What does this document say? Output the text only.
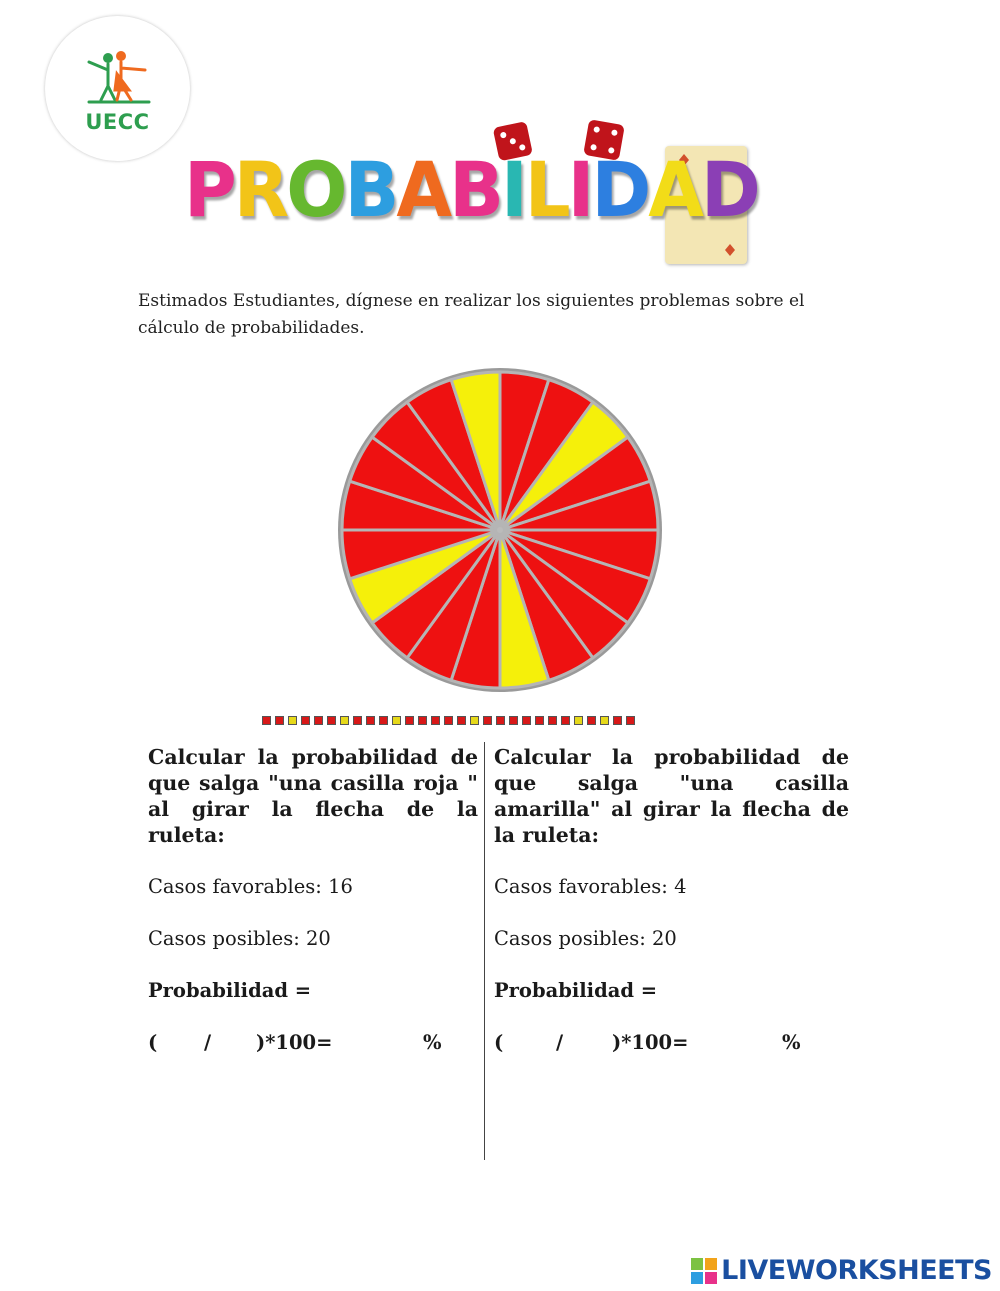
UECC
PROBABILIDAD
Estimados Estudiantes, dígnese en realizar los siguientes problemas sobre el
cálculo de probabilidades.

Calcular la probabilidad de que salga "una casilla roja " al girar la flecha de la ruleta:

Casos favorables: 16
Casos posibles: 20
Probabilidad =
( / )*100=	%

Calcular la probabilidad de que salga "una casilla amarilla" al girar la flecha de la ruleta:

Casos favorables: 4
Casos posibles: 20
Probabilidad =
(	/	)*100=	%
LIVEWORKSHEETS
